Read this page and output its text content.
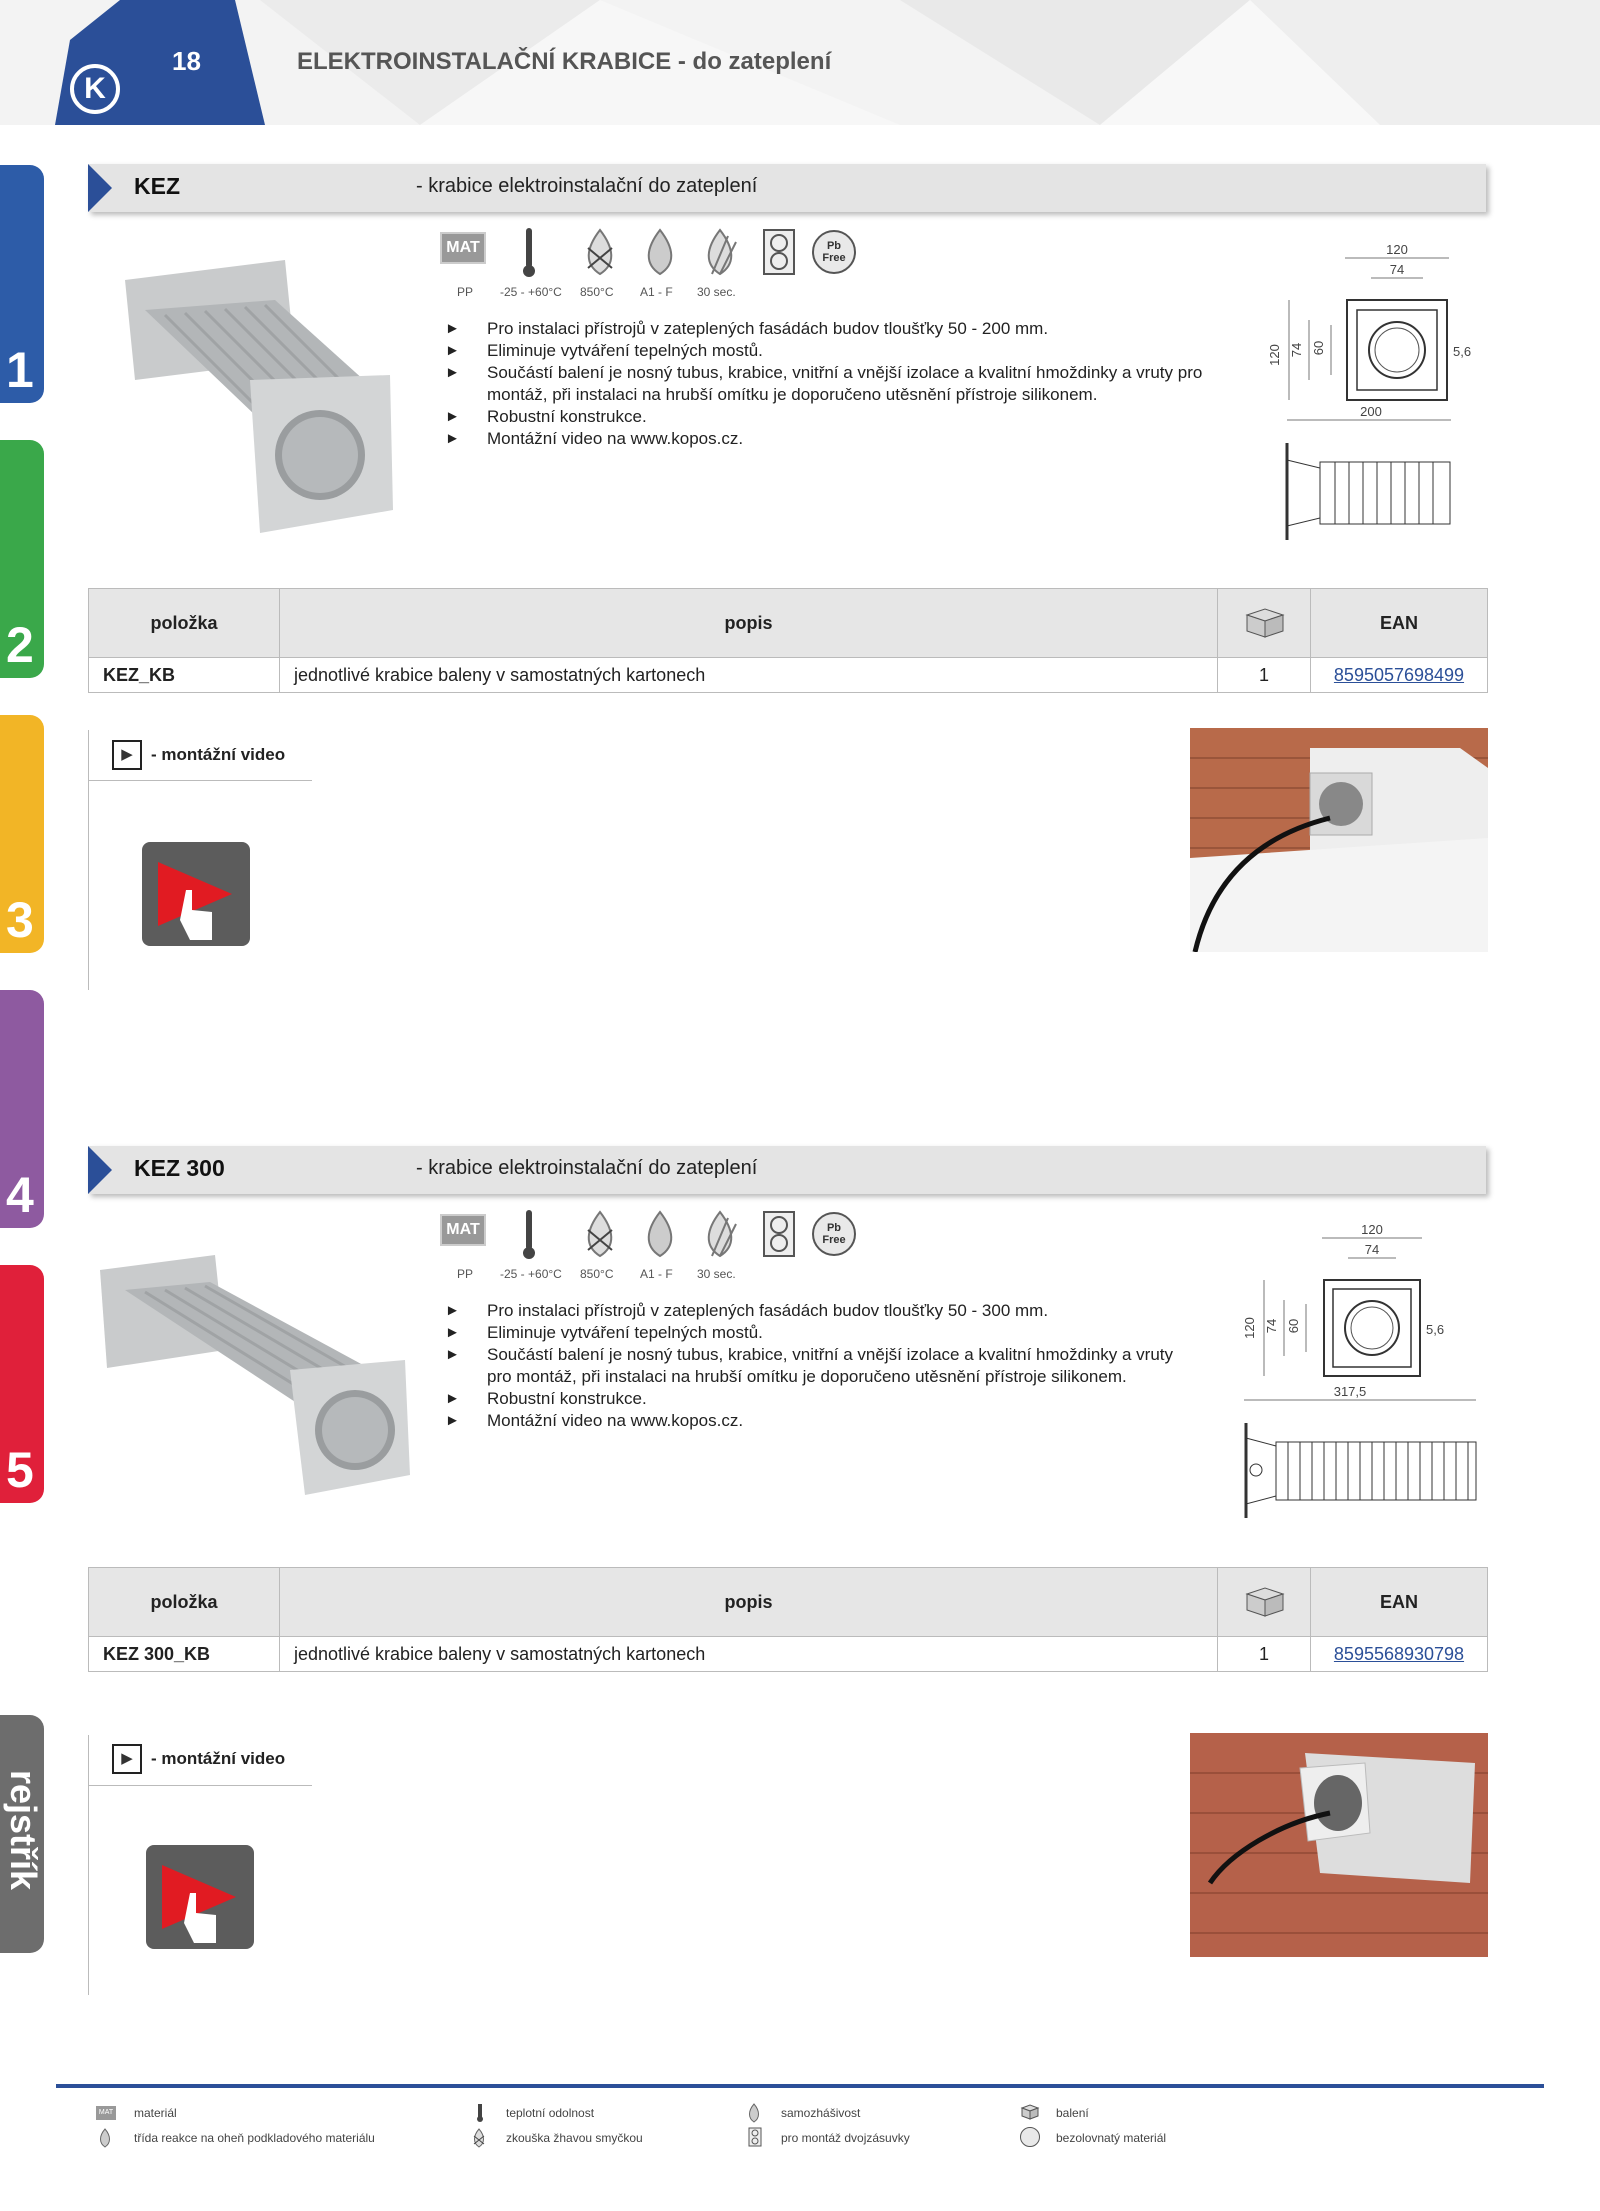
K
18	ELEKTROINSTALAČNÍ KRABICE - do zateplení
1
2
3
4
5
rejstřík
KEZ	- krabice elektroinstalační do zateplení
MAT	Pb Free
PP -25 - +60°C 850°C A1 - F 30 sec.
► Pro instalaci přístrojů v zateplených fasádách budov tloušťky 50 - 200 mm.
► Eliminuje vytváření tepelných mostů.
► Součástí balení je nosný tubus, krabice, vnitřní a vnější izolace a kvalitní hmoždinky a vruty pro montáž, při instalaci na hrubší omítku je doporučeno utěsnění přístroje silikonem.
► Robustní konstrukce.
► Montážní video na www.kopos.cz.
120
74
120 74 60	5,6
200
položka	popis		EAN
KEZ_KB	jednotlivé krabice baleny v samostatných kartonech	1	8595057698499
▶	- montážní video
KEZ 300	- krabice elektroinstalační do zateplení
MAT	Pb Free
PP -25 - +60°C 850°C A1 - F 30 sec.
► Pro instalaci přístrojů v zateplených fasádách budov tloušťky 50 - 300 mm.
► Eliminuje vytváření tepelných mostů.
► Součástí balení je nosný tubus, krabice, vnitřní a vnější izolace a kvalitní hmoždinky a vruty pro montáž, při instalaci na hrubší omítku je doporučeno utěsnění přístroje silikonem.
► Robustní konstrukce.
► Montážní video na www.kopos.cz.
120
74
120 74 60	5,6
317,5
položka	popis		EAN
KEZ 300_KB	jednotlivé krabice baleny v samostatných kartonech	1	8595568930798
▶	- montážní video
MAT materiál	teplotní odolnost	samozhášivost	balení
třída reakce na oheň podkladového materiálu	zkouška žhavou smyčkou	pro montáž dvojzásuvky	bezolovnatý materiál
